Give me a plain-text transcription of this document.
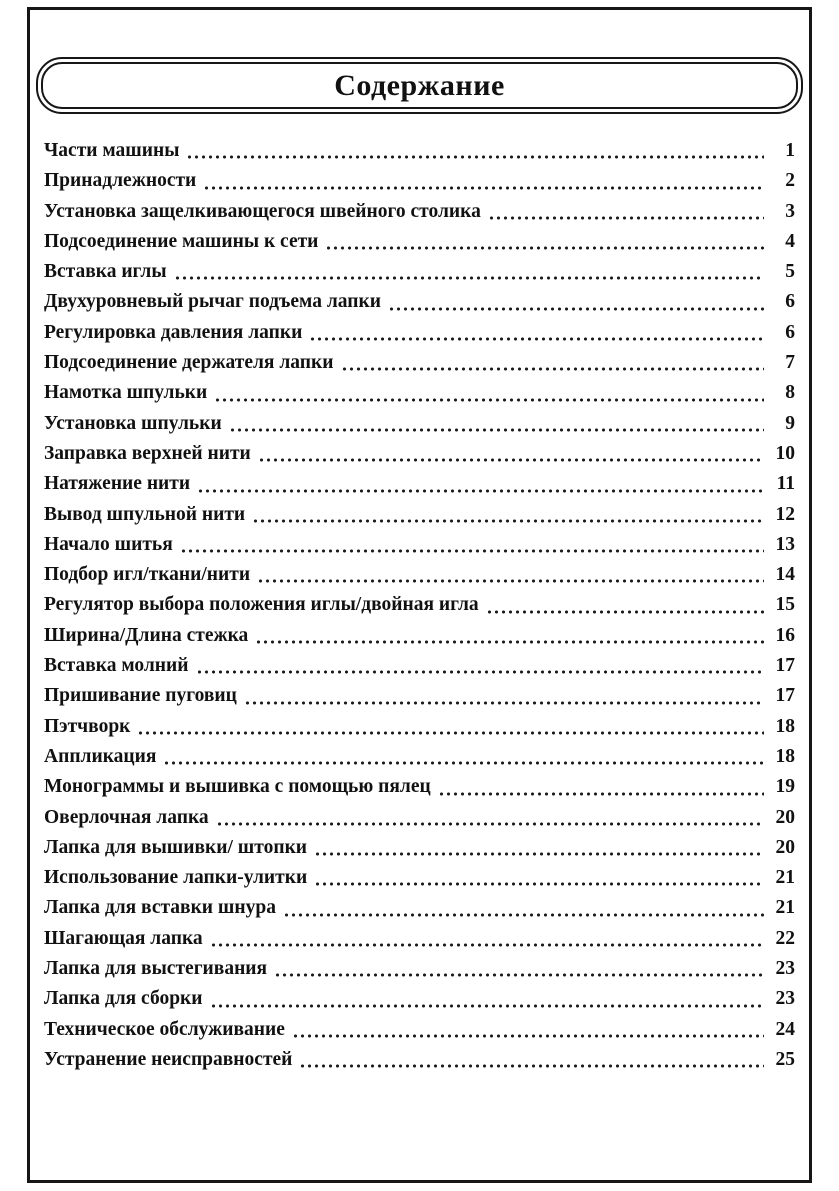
Содержание
Части машины	1
Принадлежности	2
Установка защелкивающегося швейного столика	3
Подсоединение машины к сети	4
Вставка иглы	5
Двухуровневый рычаг подъема лапки	6
Регулировка давления лапки	6
Подсоединение держателя лапки	7
Намотка шпульки	8
Установка шпульки	9
Заправка верхней нити	10
Натяжение нити	11
Вывод шпульной нити	12
Начало шитья	13
Подбор игл/ткани/нити	14
Регулятор выбора положения иглы/двойная игла	15
Ширина/Длина стежка	16
Вставка молний	17
Пришивание пуговиц	17
Пэтчворк	18
Аппликация	18
Монограммы и вышивка с помощью пялец	19
Оверлочная лапка	20
Лапка для вышивки/ штопки	20
Использование лапки-улитки	21
Лапка для вставки шнура	21
Шагающая лапка	22
Лапка для выстегивания	23
Лапка для сборки	23
Техническое обслуживание	24
Устранение неисправностей	25
